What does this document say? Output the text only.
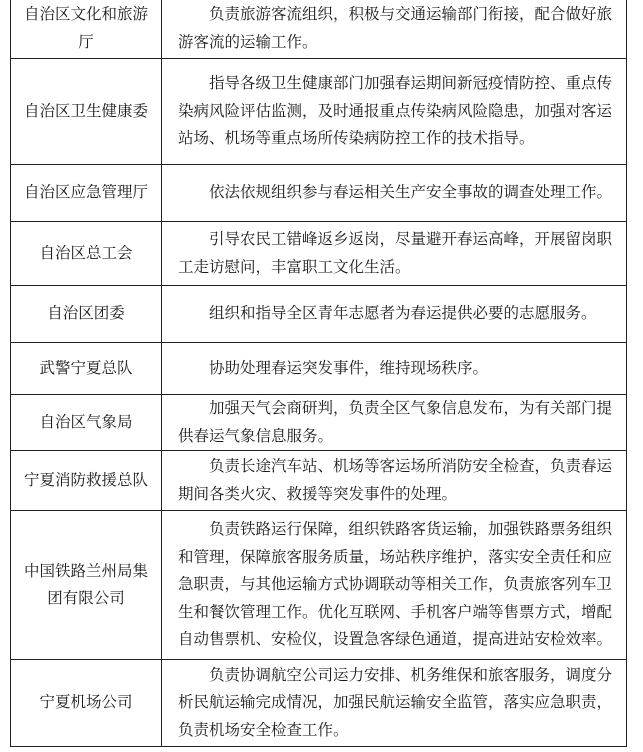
自治区文化和旅游厅	负责旅游客流组织，积极与交通运输部门衔接，配合做好旅游客流的运输工作。

自治区卫生健康委	指导各级卫生健康部门加强春运期间新冠疫情防控、重点传染病风险评估监测，及时通报重点传染病风险隐患，加强对客运站场、机场等重点场所传染病防控工作的技术指导。

自治区应急管理厅	依法依规组织参与春运相关生产安全事故的调查处理工作。

自治区总工会	引导农民工错峰返乡返岗，尽量避开春运高峰，开展留岗职工走访慰问，丰富职工文化生活。

自治区团委	组织和指导全区青年志愿者为春运提供必要的志愿服务。

武警宁夏总队	协助处理春运突发事件，维持现场秩序。

自治区气象局	加强天气会商研判，负责全区气象信息发布，为有关部门提供春运气象信息服务。

宁夏消防救援总队	负责长途汽车站、机场等客运场所消防安全检查，负责春运期间各类火灾、救援等突发事件的处理。

中国铁路兰州局集团有限公司	负责铁路运行保障，组织铁路客货运输，加强铁路票务组织和管理，保障旅客服务质量，场站秩序维护，落实安全责任和应急职责，与其他运输方式协调联动等相关工作，负责旅客列车卫生和餐饮管理工作。优化互联网、手机客户端等售票方式，增配自动售票机、安检仪，设置急客绿色通道，提高进站安检效率。

宁夏机场公司	负责协调航空公司运力安排、机务维保和旅客服务，调度分析民航运输完成情况，加强民航运输安全监管，落实应急职责，负责机场安全检查工作。
